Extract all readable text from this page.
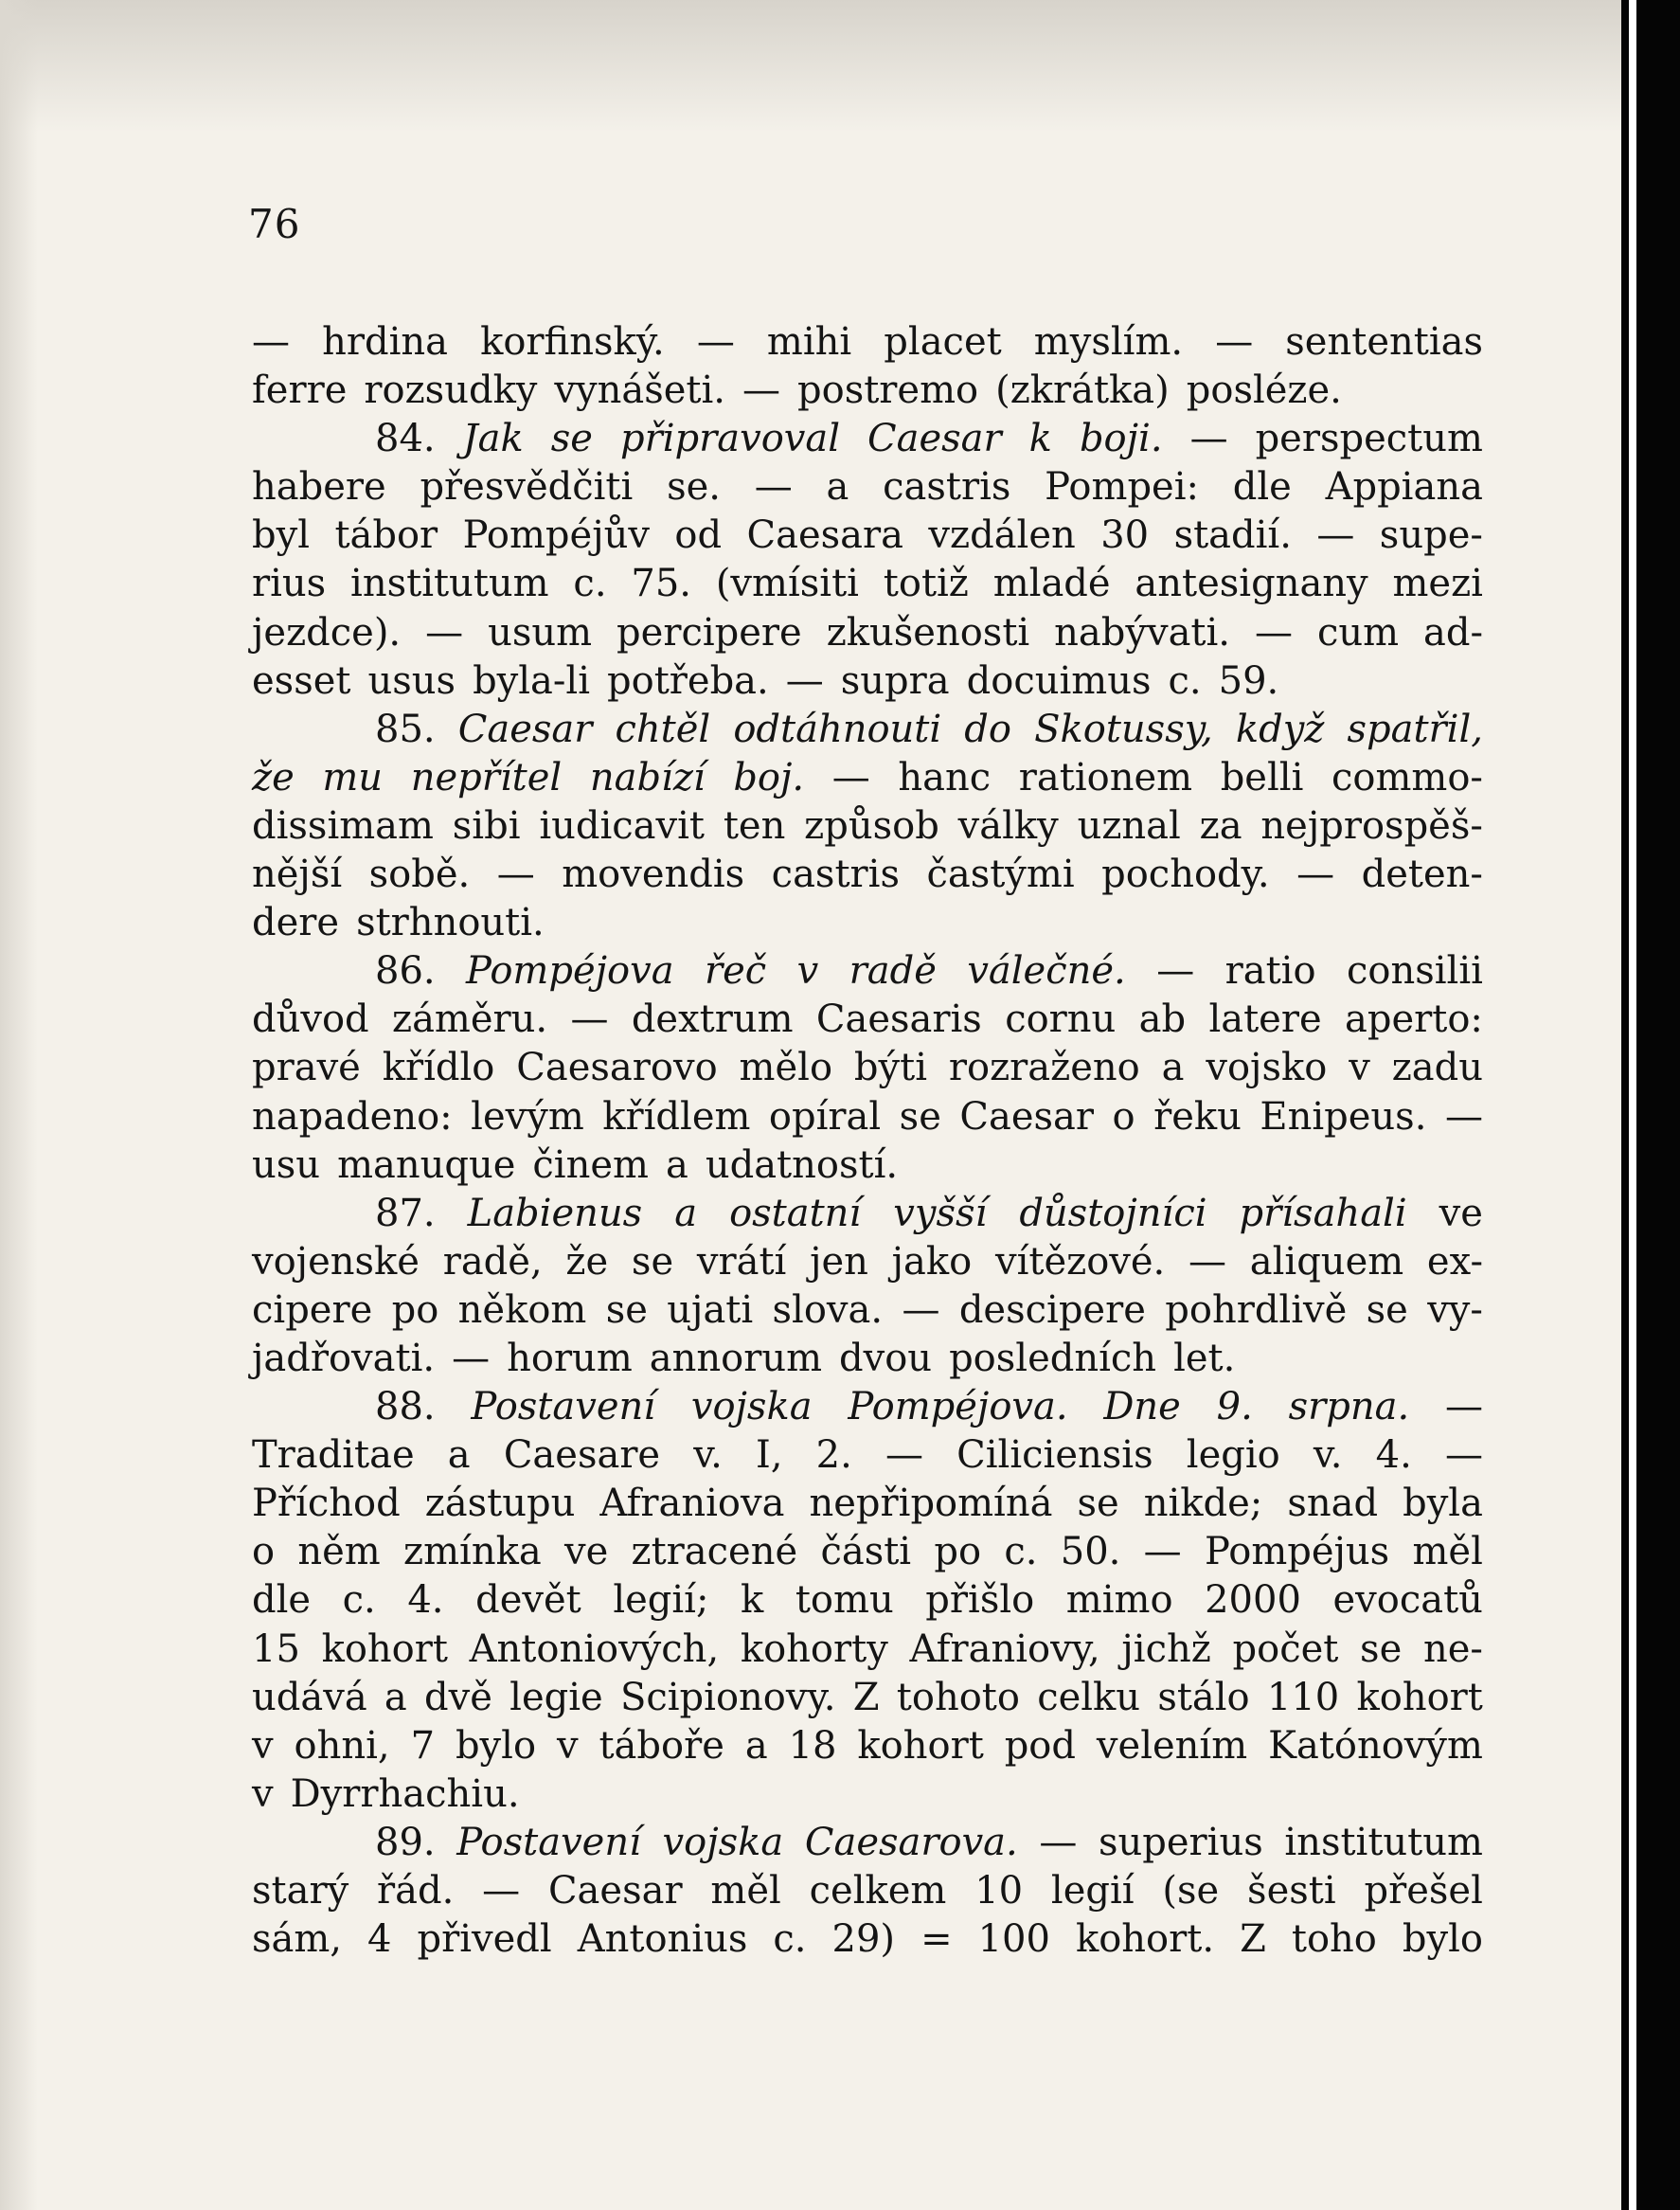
76
— hrdina korfinský. — mihi placet myslím. — sententias
ferre rozsudky vynášeti. — postremo (zkrátka) posléze.
84. Jak se připravoval Caesar k boji. — perspectum
habere přesvědčiti se. — a castris Pompei: dle Appiana
byl tábor Pompéjův od Caesara vzdálen 30 stadií. — supe-
rius institutum c. 75. (vmísiti totiž mladé antesignany mezi
jezdce). — usum percipere zkušenosti nabývati. — cum ad-
esset usus byla-li potřeba. — supra docuimus c. 59.
85. Caesar chtěl odtáhnouti do Skotussy, když spatřil,
že mu nepřítel nabízí boj. — hanc rationem belli commo-
dissimam sibi iudicavit ten způsob války uznal za nejprospěš-
nější sobě. — movendis castris častými pochody. — deten-
dere strhnouti.
86. Pompéjova řeč v radě válečné. — ratio consilii
důvod záměru. — dextrum Caesaris cornu ab latere aperto:
pravé křídlo Caesarovo mělo býti rozraženo a vojsko v zadu
napadeno: levým křídlem opíral se Caesar o řeku Enipeus. —
usu manuque činem a udatností.
87. Labienus a ostatní vyšší důstojníci přísahali ve
vojenské radě, že se vrátí jen jako vítězové. — aliquem ex-
cipere po někom se ujati slova. — descipere pohrdlivě se vy-
jadřovati. — horum annorum dvou posledních let.
88. Postavení vojska Pompéjova. Dne 9. srpna. —
Traditae a Caesare v. I, 2. — Ciliciensis legio v. 4. —
Příchod zástupu Afraniova nepřipomíná se nikde; snad byla
o něm zmínka ve ztracené části po c. 50. — Pompéjus měl
dle c. 4. devět legií; k tomu přišlo mimo 2000 evocatů
15 kohort Antoniových, kohorty Afraniovy, jichž počet se ne-
udává a dvě legie Scipionovy. Z tohoto celku stálo 110 kohort
v ohni, 7 bylo v táboře a 18 kohort pod velením Katónovým
v Dyrrhachiu.
89. Postavení vojska Caesarova. — superius institutum
starý řád. — Caesar měl celkem 10 legií (se šesti přešel
sám, 4 přivedl Antonius c. 29) = 100 kohort. Z toho bylo
